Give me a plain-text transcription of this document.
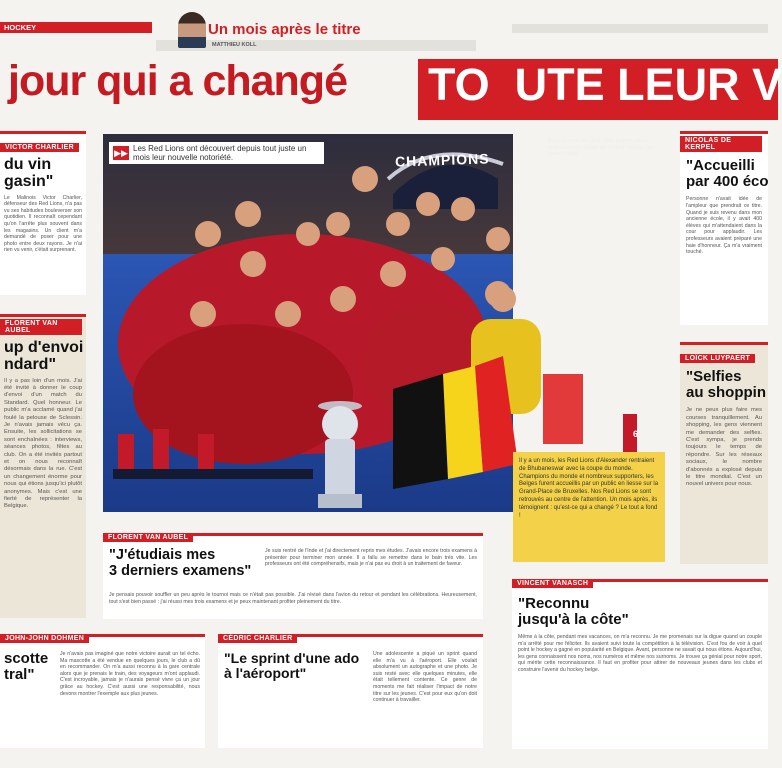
HOCKEY	Un mois après le titre
MATTHIEU KOLL
jour qui a changé TO  UTE LEUR V
VICTOR CHARLIER
du vin
gasin"
Le Malinois Victor Charlier, défenseur des Red Lions, n'a pas vu ses habitudes bouleverser son quotidien. Il reconnaît cependant qu'on l'arrête plus souvent dans les magasins. Un client m'a demandé de poser pour une photo entre deux rayons. Je n'ai rien vu venir, c'était surprenant.
FLORENT VAN AUBEL
up d'envoi
ndard"
Il y a pas loin d'un mois. J'ai été invité à donner le coup d'envoi d'un match du Standard. Quel honneur. Le public m'a acclamé quand j'ai foulé la pelouse de Sclessin. Je n'avais jamais vécu ça. Ensuite, les sollicitations se sont enchaînées : interviews, séances photos, fêtes au club. On a été invités partout et on nous reconnaît désormais dans la rue. C'est un changement énorme pour nous qui étions jusqu'ici plutôt anonymes. Mais c'est une fierté de représenter la Belgique.
▶▶ Les Red Lions ont découvert depuis tout juste un mois leur nouvelle notoriété.	CHAMPIONS
6
Il y a un mois, les Red Lions étaient sacrés champions du monde de hockey. Depuis, leur vie a changé.
Il y a un mois, les Red Lions d'Alexander rentraient de Bhubaneswar avec la coupe du monde. Champions du monde et nombreux supporters, les Belges furent accueillis par un public en liesse sur la Grand-Place de Bruxelles. Nos Red Lions se sont retrouvés au centre de l'attention. Un mois après, ils témoignent : qu'est-ce qui a changé ? Le tout a fond !
NICOLAS DE KERPEL
"Accueilli
par 400 éco
Personne n'avait idée de l'ampleur que prendrait ce titre. Quand je suis revenu dans mon ancienne école, il y avait 400 élèves qui m'attendaient dans la cour pour applaudir. Les professeurs avaient préparé une haie d'honneur. Ça m'a vraiment touché.
LOÏCK LUYPAERT
"Selfies
au shoppin
Je ne peux plus faire mes courses tranquillement. Au shopping, les gens viennent me demander des selfies. C'est sympa, je prends toujours le temps de répondre. Sur les réseaux sociaux, le nombre d'abonnés a explosé depuis le titre mondial. C'est un nouvel univers pour nous.
FLORENT VAN AUBEL
"J'étudiais mes
3 derniers examens"
Je suis rentré de l'Inde et j'ai directement repris mes études. J'avais encore trois examens à présenter pour terminer mon année. Il a fallu se remettre dans le bain très vite. Les professeurs ont été compréhensifs, mais je n'ai pas eu droit à un traitement de faveur.
Je pensais pouvoir souffler un peu après le tournoi mais ce n'était pas possible. J'ai révisé dans l'avion du retour et pendant les célébrations. Heureusement, tout s'est bien passé : j'ai réussi mes trois examens et je peux maintenant profiter pleinement du titre.
JOHN-JOHN DOHMEN
scotte
tral"
Je n'avais pas imaginé que notre victoire aurait un tel écho. Ma mascotte a été vendue en quelques jours, le club a dû en recommander. On m'a aussi reconnu à la gare centrale alors que je prenais le train, des voyageurs m'ont applaudi. C'est incroyable, jamais je n'aurais pensé vivre ça un jour grâce au hockey. C'est aussi une responsabilité, nous devons montrer l'exemple aux plus jeunes.
CÉDRIC CHARLIER
"Le sprint d'une ado
à l'aéroport"
Une adolescente a piqué un sprint quand elle m'a vu à l'aéroport. Elle voulait absolument un autographe et une photo. Je suis resté avec elle quelques minutes, elle était tellement contente. Ce genre de moments me fait réaliser l'impact de notre titre sur les jeunes. C'est pour eux qu'on doit continuer à travailler.
VINCENT VANASCH
"Reconnu
jusqu'à la côte"
Même à la côte, pendant mes vacances, on m'a reconnu. Je me promenais sur la digue quand un couple m'a arrêté pour me féliciter. Ils avaient suivi toute la compétition à la télévision. C'est fou de voir à quel point le hockey a gagné en popularité en Belgique. Avant, personne ne savait qui nous étions. Aujourd'hui, les gens connaissent nos noms, nos numéros et même nos surnoms. Je trouve ça génial pour notre sport, qui mérite cette reconnaissance. Il faut en profiter pour attirer de nouveaux jeunes dans les clubs et construire l'avenir du hockey belge.
